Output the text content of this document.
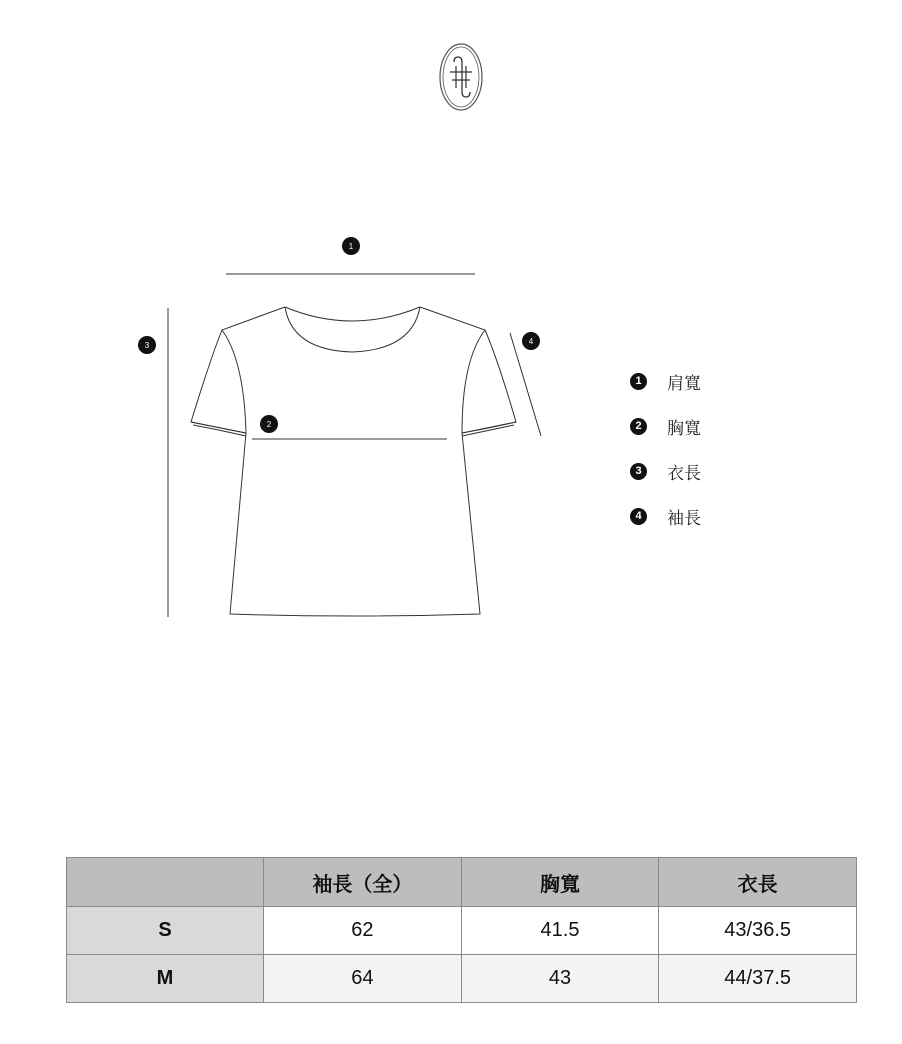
1
2
3	4
1	肩寬
2	胸寬
3	衣長
4	袖長
	袖長（全）	胸寬	衣長
S	62	41.5	43/36.5
M	64	43	44/37.5
